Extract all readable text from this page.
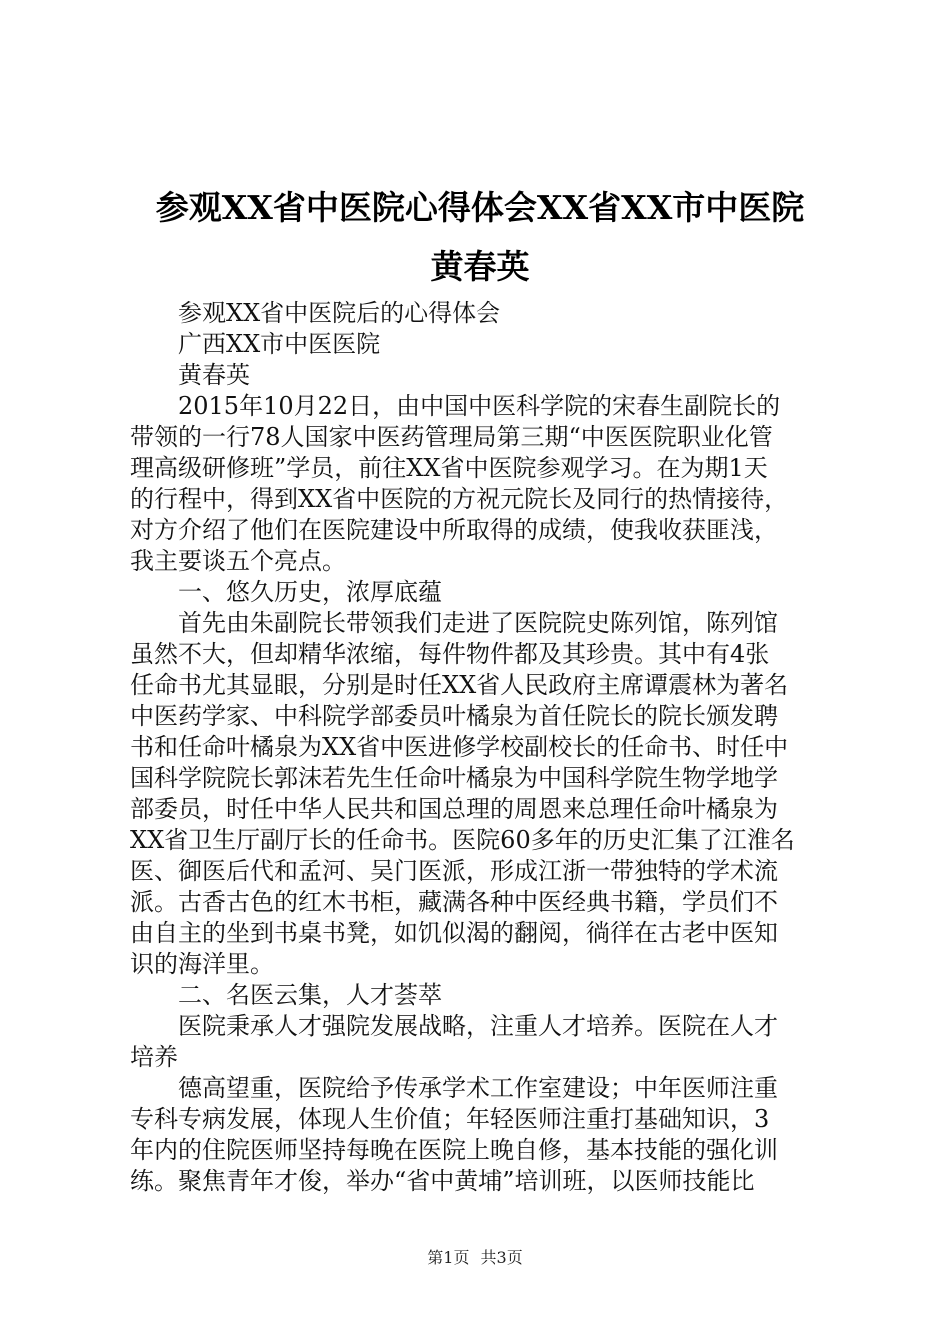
参观XX省中医院心得体会XX省XX市中医院
黄春英
　　参观XX省中医院后的心得体会
　　广西XX市中医医院
　　黄春英
　　2015年10月22日，由中国中医科学院的宋春生副院长的
带领的一行78人国家中医药管理局第三期“中医医院职业化管
理高级研修班”学员，前往XX省中医院参观学习。在为期1天
的行程中，得到XX省中医院的方祝元院长及同行的热情接待，
对方介绍了他们在医院建设中所取得的成绩，使我收获匪浅，
我主要谈五个亮点。
　　一、悠久历史，浓厚底蕴
　　首先由朱副院长带领我们走进了医院院史陈列馆，陈列馆
虽然不大，但却精华浓缩，每件物件都及其珍贵。其中有4张
任命书尤其显眼，分别是时任XX省人民政府主席谭震林为著名
中医药学家、中科院学部委员叶橘泉为首任院长的院长颁发聘
书和任命叶橘泉为XX省中医进修学校副校长的任命书、时任中
国科学院院长郭沫若先生任命叶橘泉为中国科学院生物学地学
部委员，时任中华人民共和国总理的周恩来总理任命叶橘泉为
XX省卫生厅副厅长的任命书。医院60多年的历史汇集了江淮名
医、御医后代和孟河、吴门医派，形成江浙一带独特的学术流
派。古香古色的红木书柜，藏满各种中医经典书籍，学员们不
由自主的坐到书桌书凳，如饥似渴的翻阅，徜徉在古老中医知
识的海洋里。
　　二、名医云集，人才荟萃
　　医院秉承人才强院发展战略，注重人才培养。医院在人才
培养
　　德高望重，医院给予传承学术工作室建设；中年医师注重
专科专病发展，体现人生价值；年轻医师注重打基础知识，3
年内的住院医师坚持每晚在医院上晚自修，基本技能的强化训
练。聚焦青年才俊，举办“省中黄埔”培训班，以医师技能比
第1页 共3页
